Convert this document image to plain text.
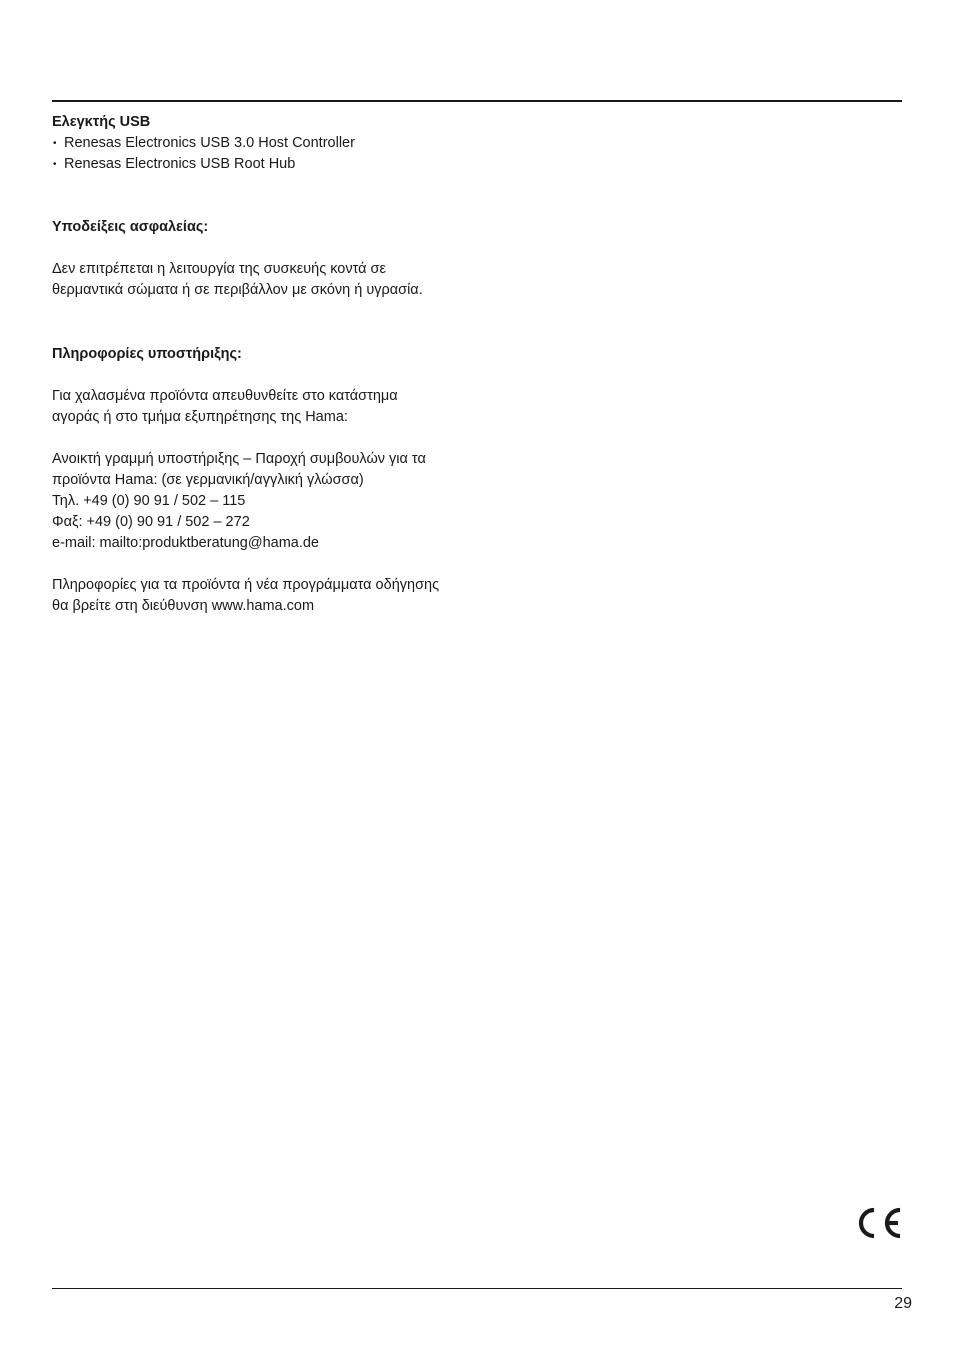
Ελεγκτής USB

• Renesas Electronics USB 3.0 Host Controller
• Renesas Electronics USB Root Hub

Υποδείξεις ασφαλείας:

Δεν επιτρέπεται η λειτουργία της συσκευής κοντά σε

θερμαντικά σώματα ή σε περιβάλλον με σκόνη ή υγρασία.

Πληροφορίες υποστήριξης:

Για χαλασμένα προϊόντα απευθυνθείτε στο κατάστημα

αγοράς ή στο τμήμα εξυπηρέτησης της Hama:

Ανοικτή γραμμή υποστήριξης – Παροχή συμβουλών για τα

προϊόντα Hama: (σε γερμανική/αγγλική γλώσσα)

Τηλ. +49 (0) 90 91 / 502 – 115

Φαξ: +49 (0) 90 91 / 502 – 272

e-mail: mailto:produktberatung@hama.de

Πληροφορίες για τα προϊόντα ή νέα προγράμματα οδήγησης

θα βρείτε στη διεύθυνση www.hama.com

29
